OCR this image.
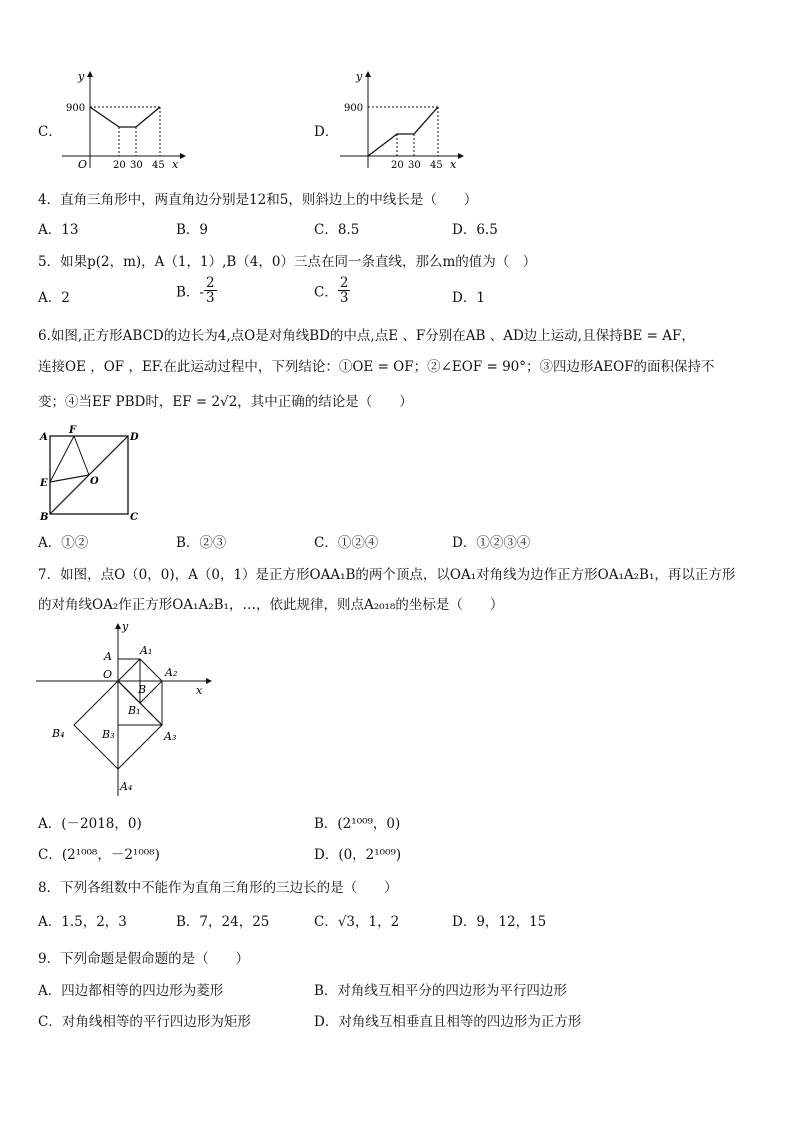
C．
y
x
O
900
20 30 45
D．
y
x
900
20 30 45
4．直角三角形中，两直角边分别是12和5，则斜边上的中线长是（　　）
A．13	B．9	C．8.5	D．6.5
5．如果p(2，m)，A（1，1）,B（4，0）三点在同一条直线，那么m的值为（　）
A．2	B．- $\frac{2}{3}$	C． $\frac{2}{3}$	D．1
6.如图,正方形ABCD的边长为4,点O是对角线BD的中点,点E 、F分别在AB 、AD边上运动,且保持BE = AF，
连接OE ，OF ，EF.在此运动过程中，下列结论：①OE = OF；②∠EOF = 90°；③四边形AEOF的面积保持不
变；④当EF PBD时，EF = 2√2，其中正确的结论是（　　）
A
F
D
E	O
B	C
A．①②	B．②③	C．①②④	D．①②③④
7．如图，点O（0，0)，A（0，1）是正方形OAA₁B的两个顶点，以OA₁对角线为边作正方形OA₁A₂B₁，再以正方形
的对角线OA₂作正方形OA₁A₂B₁，…，依此规律，则点A₂₀₁₈的坐标是（　　）
y
x
A
O
A₁
A₂
B
B₁
B₃
B₄	A₃
A₄
A．(－2018，0)	B．(2¹⁰⁰⁹，0)
C．(2¹⁰⁰⁸，－2¹⁰⁰⁸)	D．(0，2¹⁰⁰⁹)
8．下列各组数中不能作为直角三角形的三边长的是（　　）
A．1.5，2，3	B．7，24，25	C．√3，1，2	D．9，12，15
9．下列命题是假命题的是（　　）
A．四边都相等的四边形为菱形	B．对角线互相平分的四边形为平行四边形
C．对角线相等的平行四边形为矩形	D．对角线互相垂直且相等的四边形为正方形
